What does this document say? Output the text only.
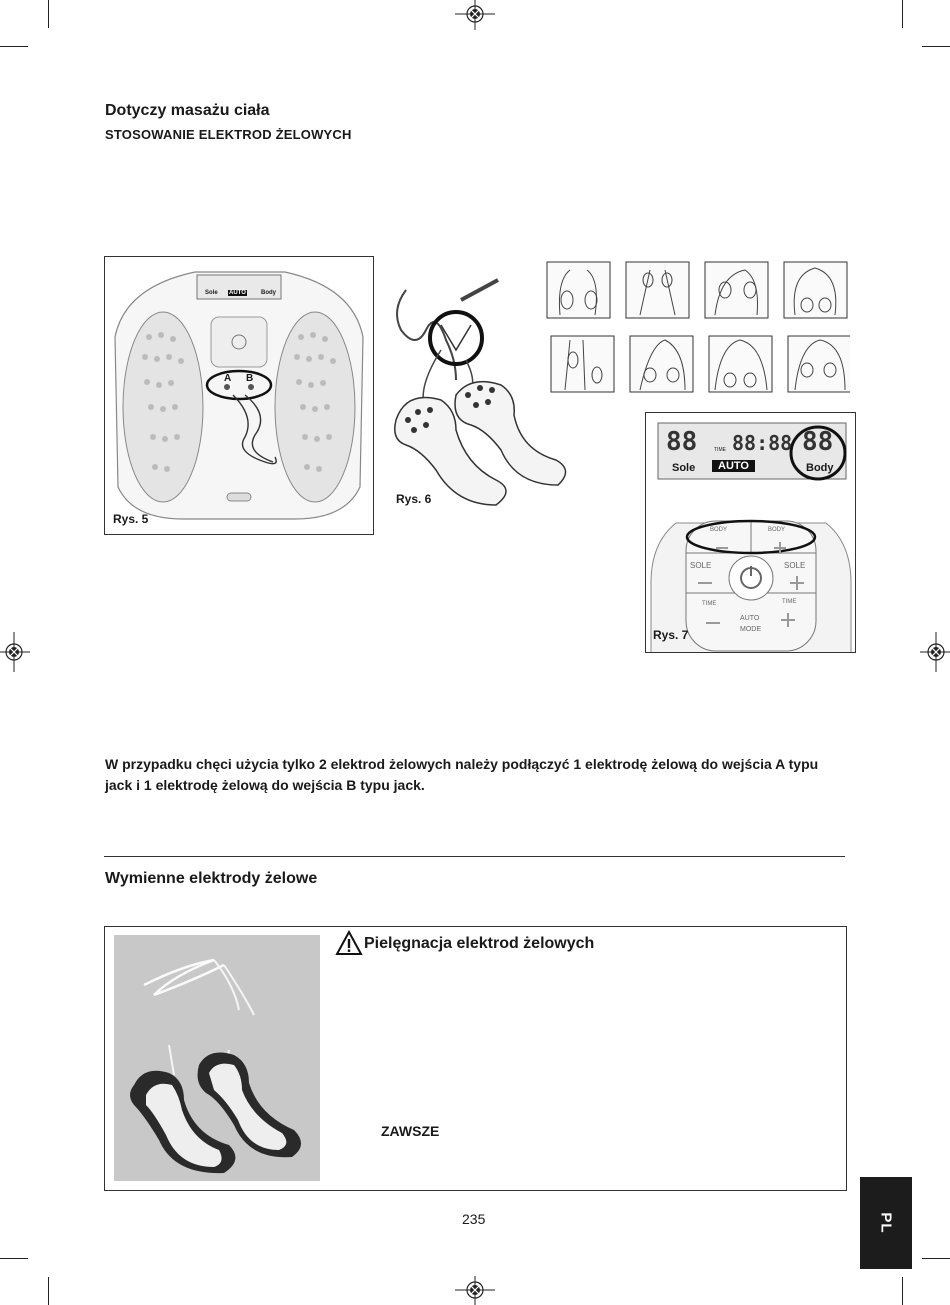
Dotyczy masażu ciała
STOSOWANIE ELEKTROD ŻELOWYCH
Sole AUTO	Body
A B
Rys. 5
Rys. 6
88	TIME 88:88 88
Sole	AUTO	Body
BODY	BODY
SOLE	SOLE
TIME	TIME
AUTO
MODE
Rys. 7
W przypadku chęci użycia tylko 2 elektrod żelowych należy podłączyć 1 elektrodę żelową do wejścia A typu jack i 1 elektrodę żelową do wejścia B typu jack.
Wymienne elektrody żelowe
Pielęgnacja elektrod żelowych
ZAWSZE
235	PL
